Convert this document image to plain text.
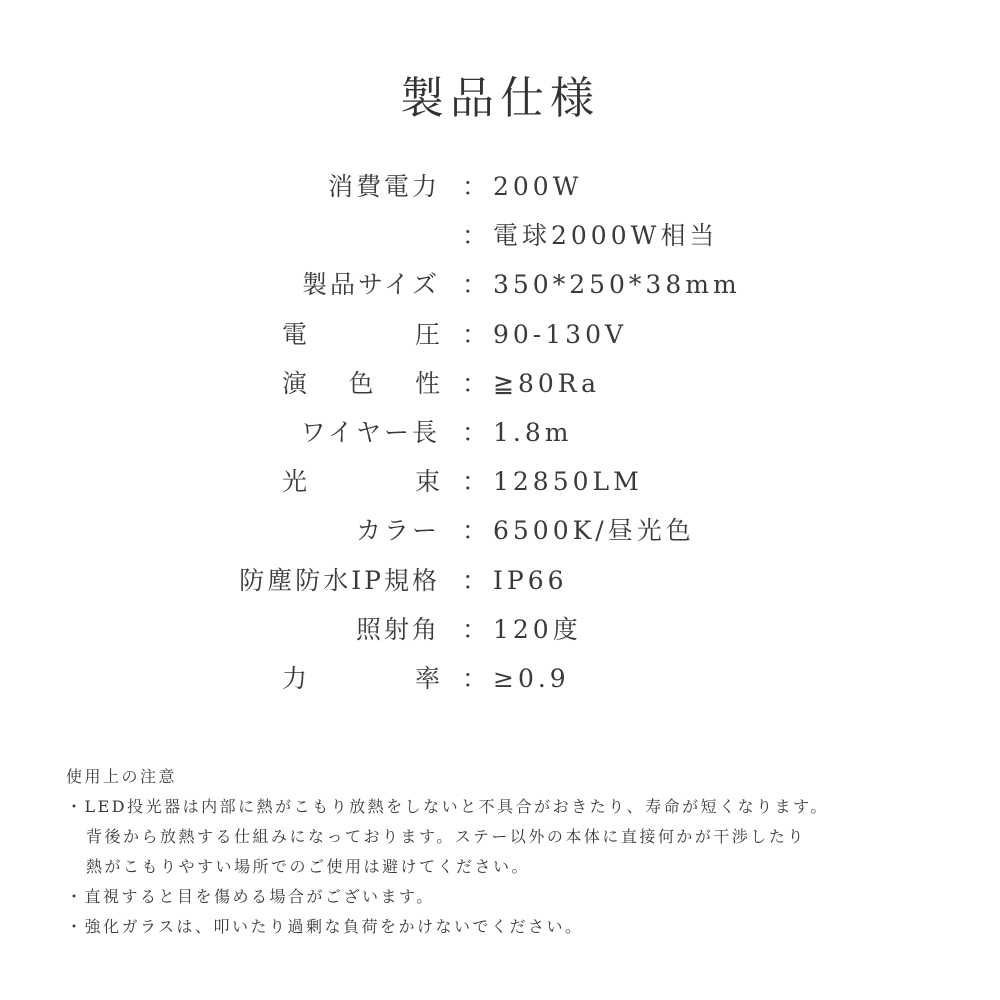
製品仕様
消費電力 ： 200W
： 電球2000W相当
製品サイズ ： 350*250*38mm
電	圧 ： 90-130V
演 色 性 ： ≧80Ra
ワイヤー長 ： 1.8m
光	束 ： 12850LM
カラー ： 6500K/昼光色
防塵防水IP規格 ： IP66
照射角 ： 120度
力	率 ： ≥0.9
使用上の注意
・LED投光器は内部に熱がこもり放熱をしないと不具合がおきたり、寿命が短くなります。
背後から放熱する仕組みになっております。ステー以外の本体に直接何かが干渉したり
熱がこもりやすい場所でのご使用は避けてください。
・直視すると目を傷める場合がございます。
・強化ガラスは、叩いたり過剰な負荷をかけないでください。
